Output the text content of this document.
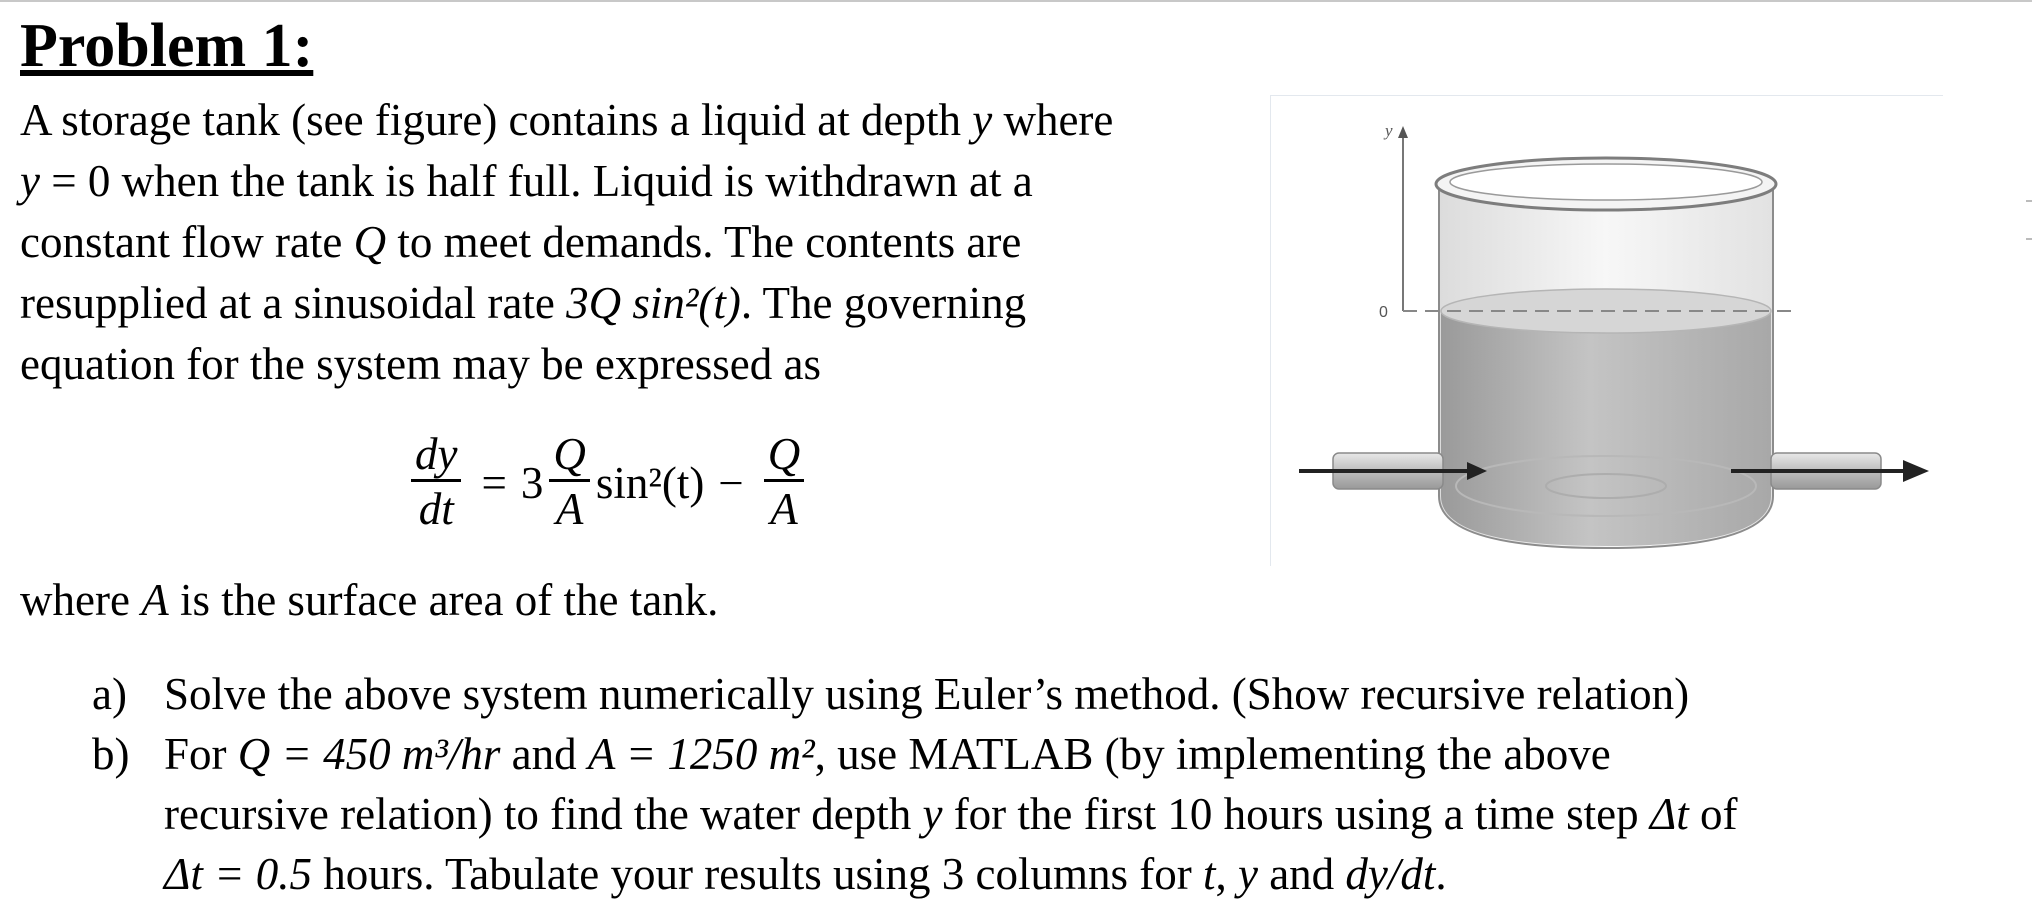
Problem 1:
A storage tank (see figure) contains a liquid at depth y where
y = 0 when the tank is half full. Liquid is withdrawn at a
constant flow rate Q to meet demands. The contents are
resupplied at a sinusoidal rate 3Q sin²(t). The governing
equation for the system may be expressed as
$\frac{dy}{dt} = 3 \frac{Q}{A} \sin^2(t) - \frac{Q}{A}$

where A is the surface area of the tank.

a) Solve the above system numerically using Euler’s method. (Show recursive relation)
b) For Q = 450 m³/hr and A = 1250 m², use MATLAB (by implementing the above
recursive relation) to find the water depth y for the first 10 hours using a time step Δt of
Δt = 0.5 hours. Tabulate your results using 3 columns for t, y and dy/dt.
y
0
